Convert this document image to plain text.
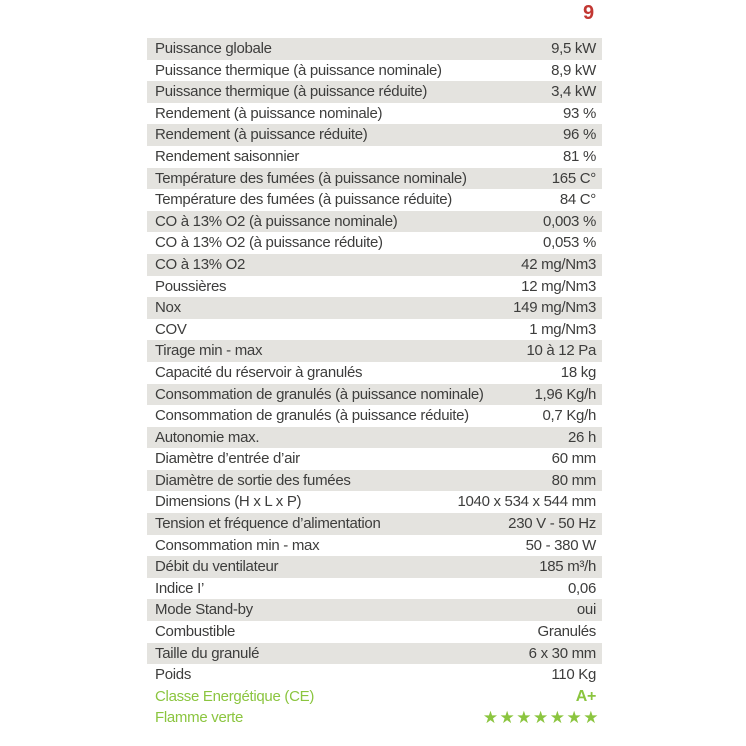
9
Puissance globale	9,5 kW
Puissance thermique (à puissance nominale)	8,9 kW
Puissance thermique (à puissance réduite)	3,4 kW
Rendement (à puissance nominale)	93 %
Rendement (à puissance réduite)	96 %
Rendement saisonnier	81 %
Température des fumées (à puissance nominale)	165 C°
Température des fumées (à puissance réduite)	84 C°
CO à 13% O2 (à puissance nominale)	0,003 %
CO à 13% O2 (à puissance réduite)	0,053 %
CO à 13% O2	42 mg/Nm3
Poussières	12 mg/Nm3
Nox	149 mg/Nm3
COV	1 mg/Nm3
Tirage min - max	10 à 12 Pa
Capacité du réservoir à granulés	18 kg
Consommation de granulés (à puissance nominale)	1,96 Kg/h
Consommation de granulés (à puissance réduite)	0,7 Kg/h
Autonomie max.	26 h
Diamètre d’entrée d’air	60 mm
Diamètre de sortie des fumées	80 mm
Dimensions (H x L x P)	1040 x 534 x 544 mm
Tension et fréquence d’alimentation	230 V - 50 Hz
Consommation min - max	50 - 380 W
Débit du ventilateur	185 m³/h
Indice I’	0,06
Mode Stand-by	oui
Combustible	Granulés
Taille du granulé	6 x 30 mm
Poids	110 Kg
Classe Energétique (CE)	A+
Flamme verte	★★★★★★★
